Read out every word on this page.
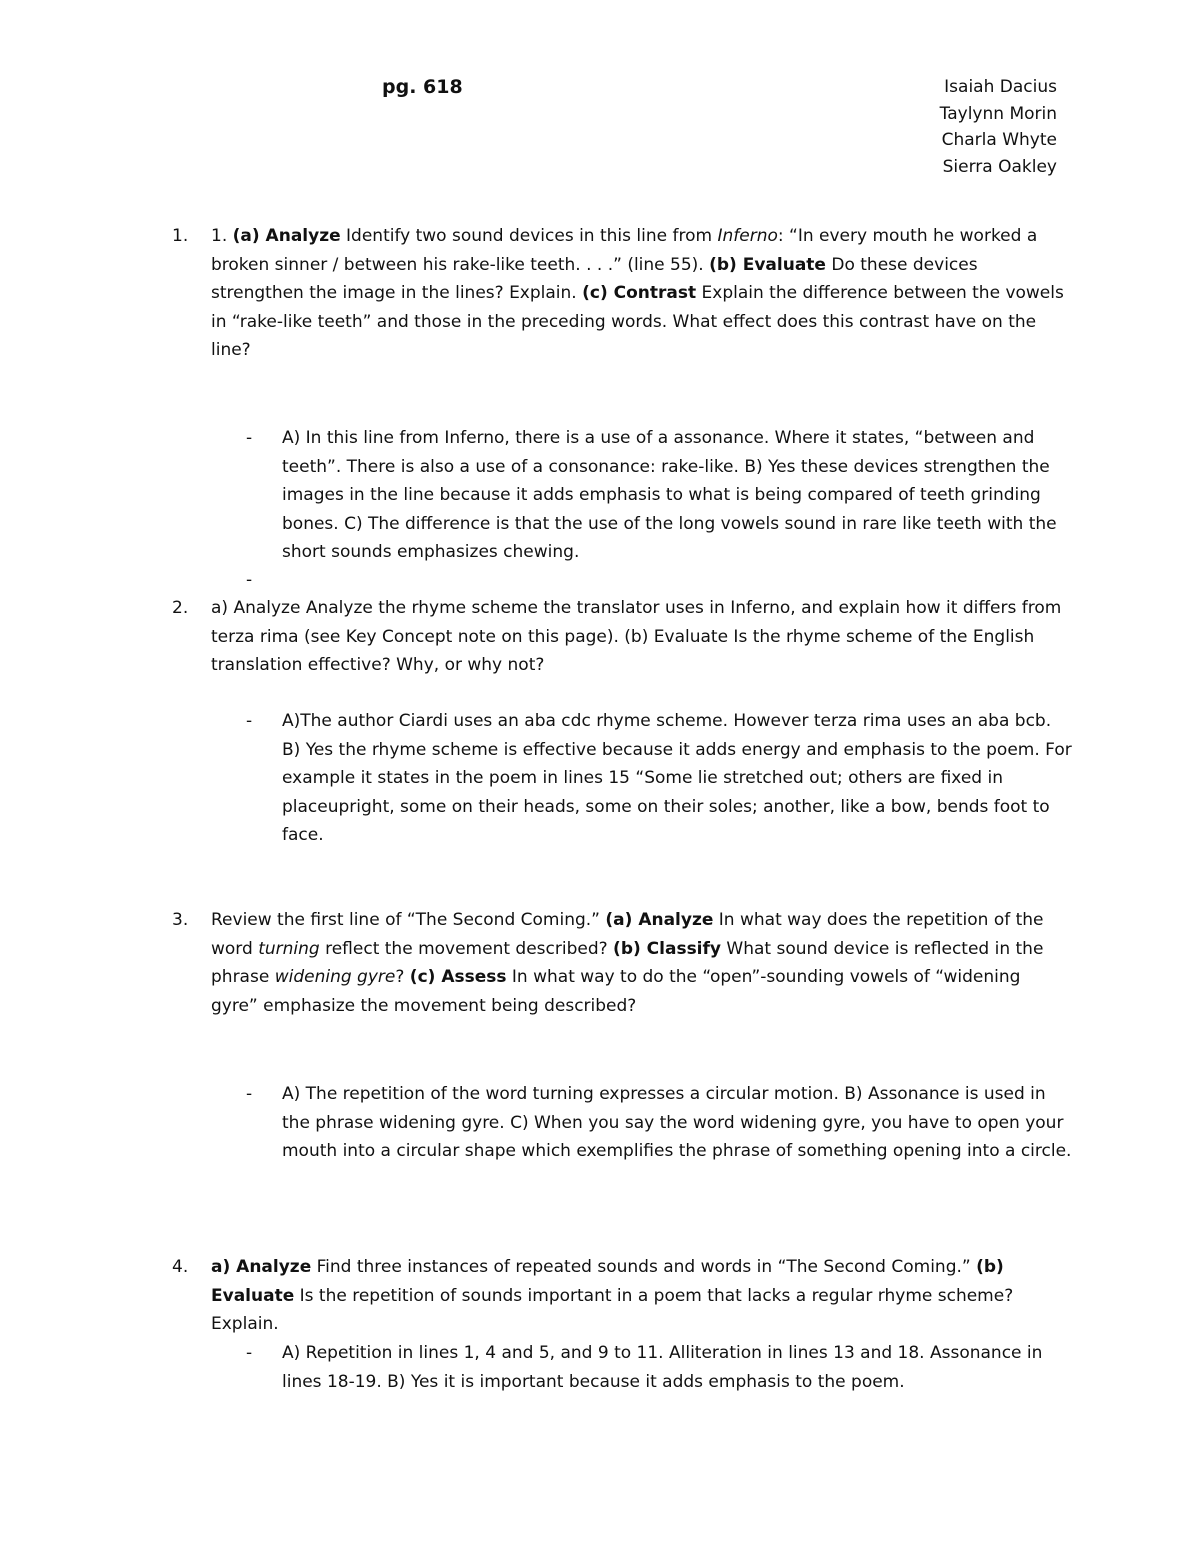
pg. 618	Isaiah Dacius
Taylynn Morin
Charla Whyte
Sierra Oakley
1. 1. (a) Analyze Identify two sound devices in this line from Inferno: “In every mouth he worked a broken sinner / between his rake-like teeth. . . .” (line 55). (b) Evaluate Do these devices strengthen the image in the lines? Explain. (c) Contrast Explain the difference between the vowels in “rake-like teeth” and those in the preceding words. What effect does this contrast have on the line?
- A) In this line from Inferno, there is a use of a assonance. Where it states, “between and teeth”. There is also a use of a consonance: rake-like. B) Yes these devices strengthen the images in the line because it adds emphasis to what is being compared of teeth grinding bones. C) The difference is that the use of the long vowels sound in rare like teeth with the short sounds emphasizes chewing.
-
2. a) Analyze Analyze the rhyme scheme the translator uses in Inferno, and explain how it differs from terza rima (see Key Concept note on this page). (b) Evaluate Is the rhyme scheme of the English translation effective? Why, or why not?
- A)The author Ciardi uses an aba cdc rhyme scheme. However terza rima uses an aba bcb. B) Yes the rhyme scheme is effective because it adds energy and emphasis to the poem. For example it states in the poem in lines 15 “Some lie stretched out; others are fixed in placeupright, some on their heads, some on their soles; another, like a bow, bends foot to face.
3. Review the first line of “The Second Coming.” (a) Analyze In what way does the repetition of the word turning reflect the movement described? (b) Classify What sound device is reflected in the phrase widening gyre? (c) Assess In what way to do the “open”-sounding vowels of “widening gyre” emphasize the movement being described?
- A) The repetition of the word turning expresses a circular motion. B) Assonance is used in the phrase widening gyre. C) When you say the word widening gyre, you have to open your mouth into a circular shape which exemplifies the phrase of something opening into a circle.
4. a) Analyze Find three instances of repeated sounds and words in “The Second Coming.” (b) Evaluate Is the repetition of sounds important in a poem that lacks a regular rhyme scheme? Explain.
- A) Repetition in lines 1, 4 and 5, and 9 to 11. Alliteration in lines 13 and 18. Assonance in lines 18-19. B) Yes it is important because it adds emphasis to the poem.
